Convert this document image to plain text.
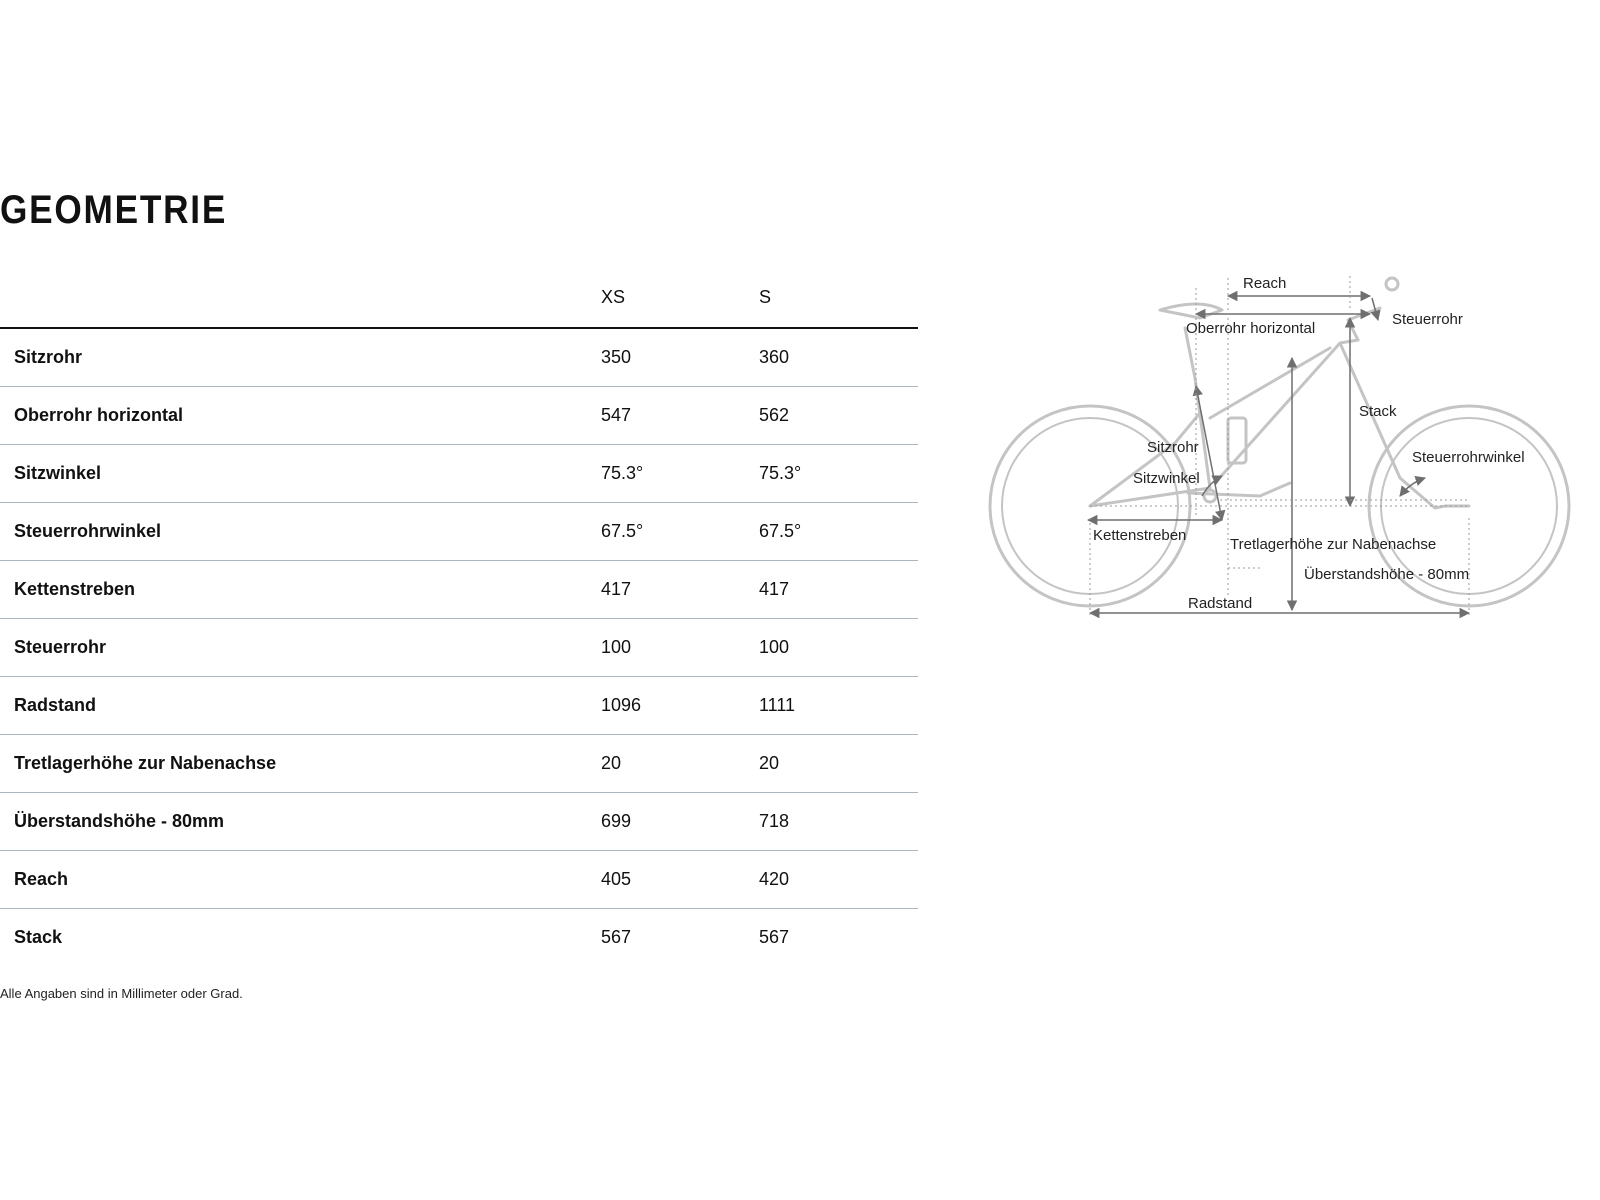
GEOMETRIE
	XS	S
Sitzrohr	350	360
Oberrohr horizontal	547	562
Sitzwinkel	75.3°	75.3°
Steuerrohrwinkel	67.5°	67.5°
Kettenstreben	417	417
Steuerrohr	100	100
Radstand	1096	1111
Tretlagerhöhe zur Nabenachse	20	20
Überstandshöhe - 80mm	699	718
Reach	405	420
Stack	567	567

Alle Angaben sind in Millimeter oder Grad.

Reach
Oberrohr horizontal
Steuerrohr
Stack
Sitzrohr
Sitzwinkel
Steuerrohrwinkel
Kettenstreben
Tretlagerhöhe zur Nabenachse
Überstandshöhe - 80mm
Radstand
